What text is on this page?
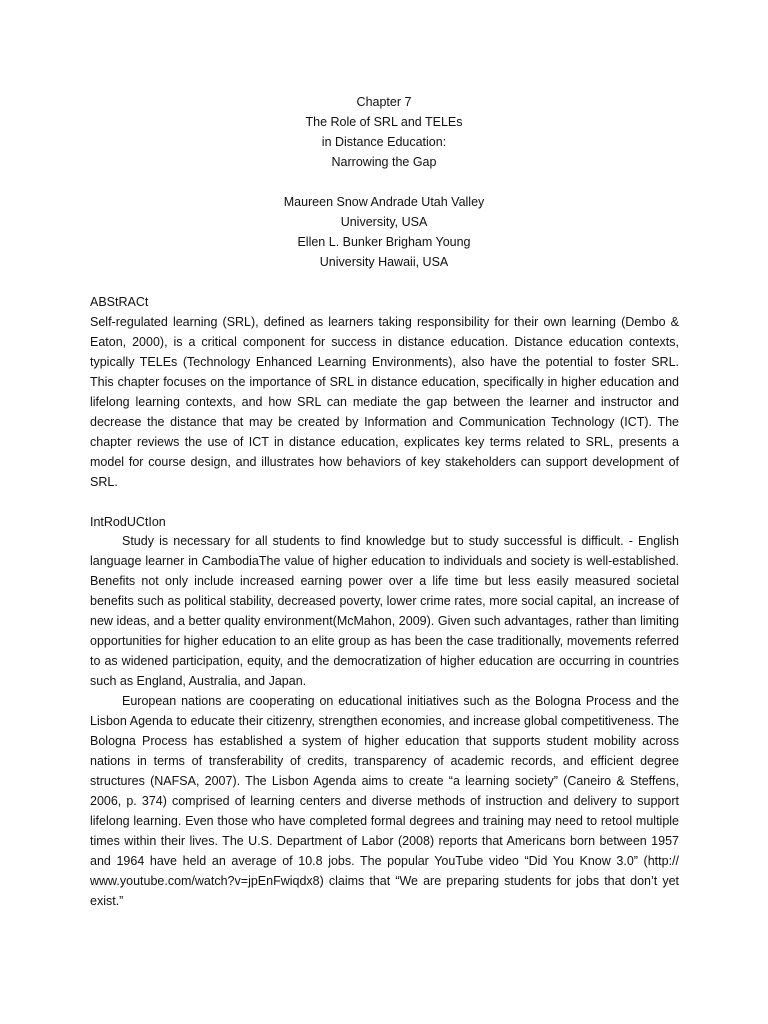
Chapter 7
The Role of SRL and TELEs
in Distance Education:
Narrowing the Gap
Maureen Snow Andrade Utah Valley
University, USA
Ellen L. Bunker Brigham Young
University Hawaii, USA
ABStRACt

Self-regulated learning (SRL), defined as learners taking responsibility for their own learning (Dembo & Eaton, 2000), is a critical component for success in distance education. Distance education contexts, typically TELEs (Technology Enhanced Learning Environments), also have the potential to foster SRL. This chapter focuses on the importance of SRL in distance education, specifically in higher education and lifelong learning contexts, and how SRL can mediate the gap between the learner and instructor and decrease the distance that may be created by Information and Communication Technology (ICT). The chapter reviews the use of ICT in distance education, explicates key terms related to SRL, presents a model for course design, and illustrates how behaviors of key stakeholders can support development of SRL.

IntRodUCtIon

Study is necessary for all students to find knowledge but to study successful is difficult. - English language learner in CambodiaThe value of higher education to individuals and society is well-established. Benefits not only include increased earning power over a life time but less easily measured societal benefits such as political stability, decreased poverty, lower crime rates, more social capital, an increase of new ideas, and a better quality environment(McMahon, 2009). Given such advantages, rather than limiting opportunities for higher education to an elite group as has been the case traditionally, movements referred to as widened participation, equity, and the democratization of higher education are occurring in countries such as England, Australia, and Japan.

European nations are cooperating on educational initiatives such as the Bologna Process and the Lisbon Agenda to educate their citizenry, strengthen economies, and increase global competitiveness. The Bologna Process has established a system of higher education that supports student mobility across nations in terms of transferability of credits, transparency of academic records, and efficient degree structures (NAFSA, 2007). The Lisbon Agenda aims to create “a learning society” (Caneiro & Steffens, 2006, p. 374) comprised of learning centers and diverse methods of instruction and delivery to support lifelong learning. Even those who have completed formal degrees and training may need to retool multiple times within their lives. The U.S. Department of Labor (2008) reports that Americans born between 1957 and 1964 have held an average of 10.8 jobs. The popular YouTube video “Did You Know 3.0” (http:// www.youtube.com/watch?v=jpEnFwiqdx8) claims that “We are preparing students for jobs that don’t yet exist.”
